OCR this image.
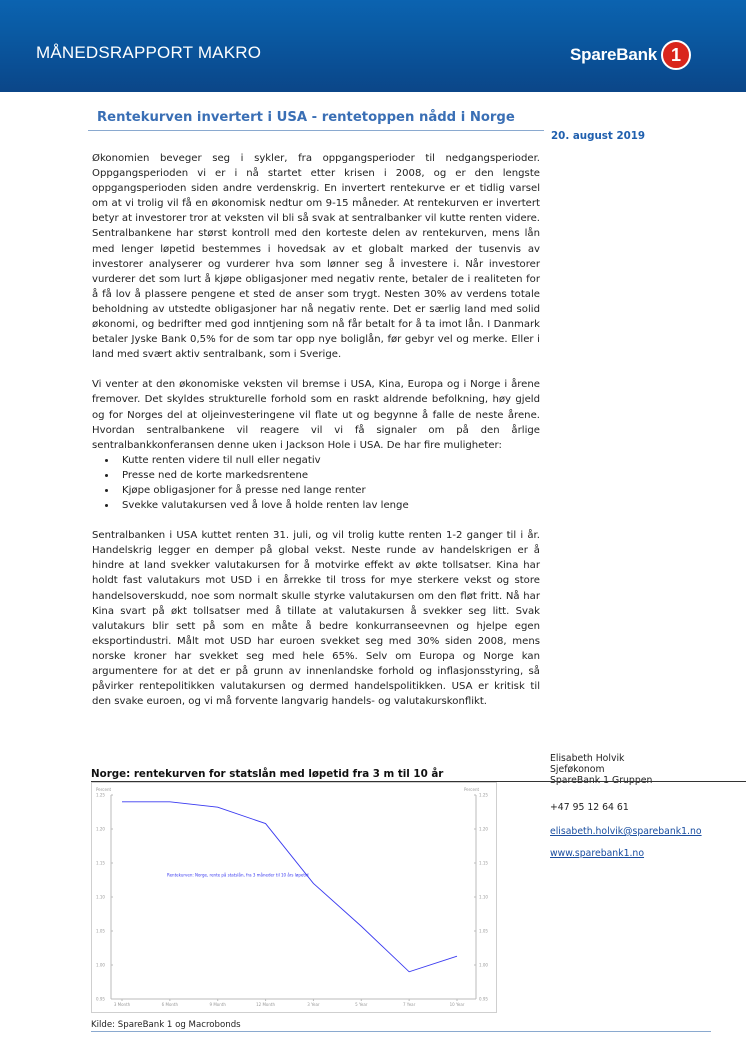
MÅNEDSRAPPORT MAKRO	SpareBank 1
Rentekurven invertert i USA - rentetoppen nådd i Norge
20. august 2019

Økonomien beveger seg i sykler, fra oppgangsperioder til nedgangsperioder. Oppgangsperioden vi er i nå startet etter krisen i 2008, og er den lengste oppgangsperioden siden andre verdenskrig. En invertert rentekurve er et tidlig varsel om at vi trolig vil få en økonomisk nedtur om 9-15 måneder. At rentekurven er invertert betyr at investorer tror at veksten vil bli så svak at sentralbanker vil kutte renten videre. Sentralbankene har størst kontroll med den korteste delen av rentekurven, mens lån med lenger løpetid bestemmes i hovedsak av et globalt marked der tusenvis av investorer analyserer og vurderer hva som lønner seg å investere i. Når investorer vurderer det som lurt å kjøpe obligasjoner med negativ rente, betaler de i realiteten for å få lov å plassere pengene et sted de anser som trygt. Nesten 30% av verdens totale beholdning av utstedte obligasjoner har nå negativ rente. Det er særlig land med solid økonomi, og bedrifter med god inntjening som nå får betalt for å ta imot lån. I Danmark betaler Jyske Bank 0,5% for de som tar opp nye boliglån, før gebyr vel og merke. Eller i land med svært aktiv sentralbank, som i Sverige.

Vi venter at den økonomiske veksten vil bremse i USA, Kina, Europa og i Norge i årene fremover. Det skyldes strukturelle forhold som en raskt aldrende befolkning, høy gjeld og for Norges del at oljeinvesteringene vil flate ut og begynne å falle de neste årene. Hvordan sentralbankene vil reagere vil vi få signaler om på den årlige sentralbankkonferansen denne uken i Jackson Hole i USA. De har fire muligheter:

• Kutte renten videre til null eller negativ
• Presse ned de korte markedsrentene
• Kjøpe obligasjoner for å presse ned lange renter
• Svekke valutakursen ved å love å holde renten lav lenge

Sentralbanken i USA kuttet renten 31. juli, og vil trolig kutte renten 1-2 ganger til i år. Handelskrig legger en demper på global vekst. Neste runde av handelskrigen er å hindre at land svekker valutakursen for å motvirke effekt av økte tollsatser. Kina har holdt fast valutakurs mot USD i en årrekke til tross for mye sterkere vekst og store handelsoverskudd, noe som normalt skulle styrke valutakursen om den fløt fritt. Nå har Kina svart på økt tollsatser med å tillate at valutakursen å svekker seg litt. Svak valutakurs blir sett på som en måte å bedre konkurranseevnen og hjelpe egen eksportindustri. Målt mot USD har euroen svekket seg med 30% siden 2008, mens norske kroner har svekket seg med hele 65%. Selv om Europa og Norge kan argumentere for at det er på grunn av innenlandske forhold og inflasjonsstyring, så påvirker rentepolitikken valutakursen og dermed handelspolitikken. USA er kritisk til den svake euroen, og vi må forvente langvarig handels- og valutakurskonflikt.

Elisabeth Holvik
Sjeføkonom
+47 95 12 64 61
elisabeth.holvik@sparebank1.no
www.sparebank1.no
Norge: rentekurven for statslån med løpetid fra 3 m til 10 år
Percent	Percent
1.25	1.25
1.20	1.20
1.15	1.15
1.10	1.10
1.05	1.05
1.00	1.00
0.95	0.95
3 Month	6 Month	9 Month	12 Month	3 Year	5 Year	7 Year	10 Year
Rentekurven: Norge, rente på statslån, fra 3 måneder til 10 års løpetid
Kilde: SpareBank 1 og Macrobonds
